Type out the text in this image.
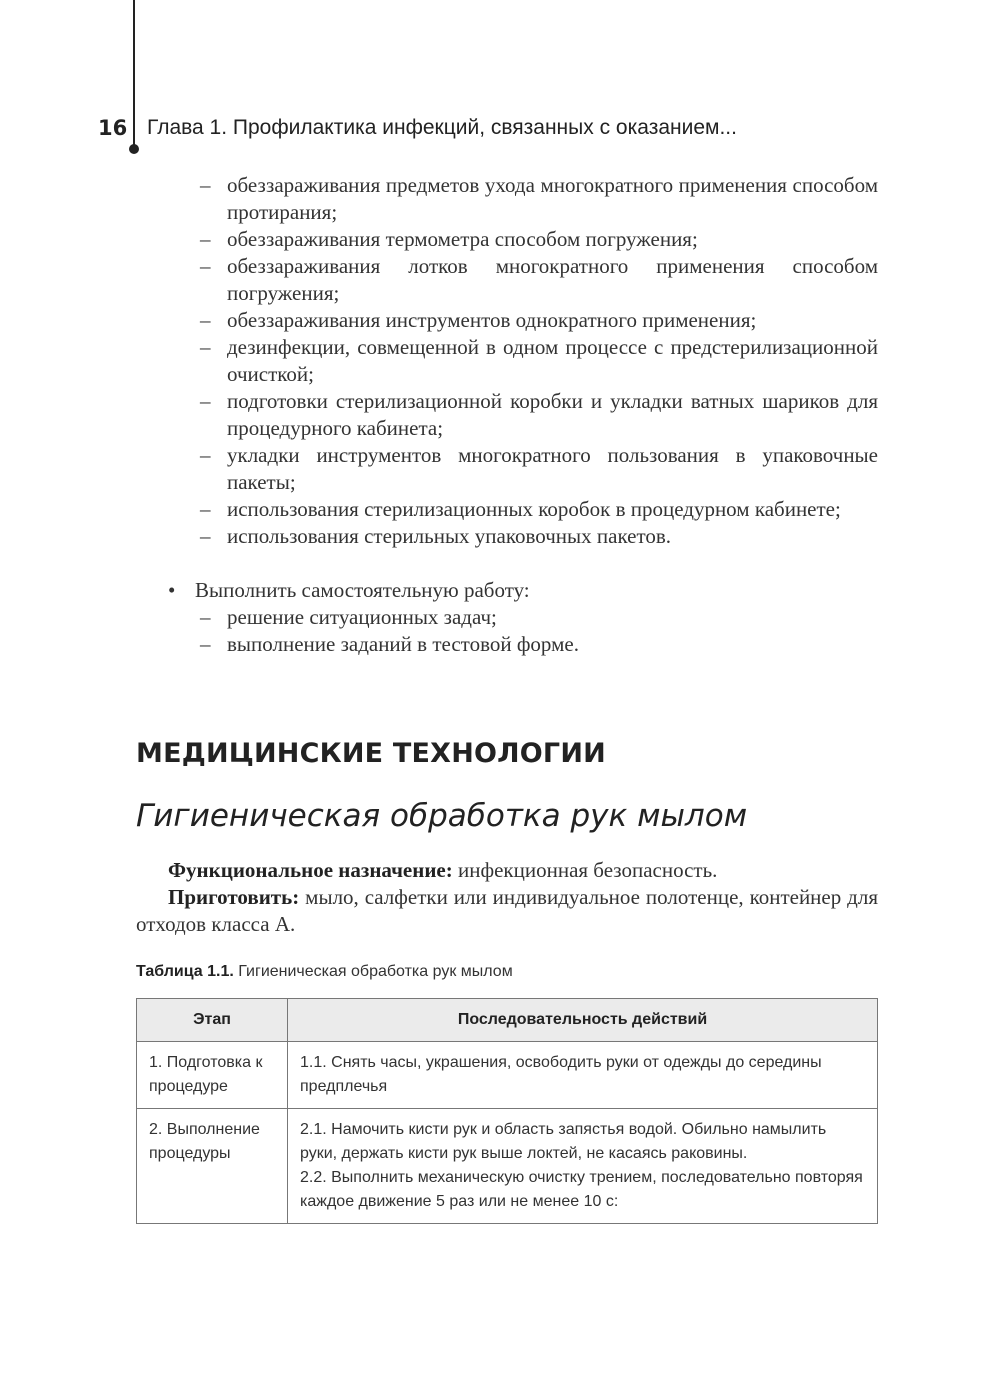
16 Глава 1. Профилактика инфекций, связанных с оказанием...
– обеззараживания предметов ухода многократного применения способом протирания;
– обеззараживания термометра способом погружения;
– обеззараживания лотков многократного применения способом погружения;
– обеззараживания инструментов однократного применения;
– дезинфекции, совмещенной в одном процессе с предстерилизационной очисткой;
– подготовки стерилизационной коробки и укладки ватных шариков для процедурного кабинета;
– укладки инструментов многократного пользования в упаковочные пакеты;
– использования стерилизационных коробок в процедурном кабинете;
– использования стерильных упаковочных пакетов.
• Выполнить самостоятельную работу:
– решение ситуационных задач;
– выполнение заданий в тестовой форме.
МЕДИЦИНСКИЕ ТЕХНОЛОГИИ
Гигиеническая обработка рук мылом
Функциональное назначение: инфекционная безопасность.
Приготовить: мыло, салфетки или индивидуальное полотенце, контейнер для отходов класса А.
Таблица 1.1. Гигиеническая обработка рук мылом
Этап	Последовательность действий
1. Подготовка к процедуре	1.1. Снять часы, украшения, освободить руки от одежды до середины предплечья

2. Выполнение процедуры	2.1. Намочить кисти рук и область запястья водой. Обильно намылить руки, держать кисти рук выше локтей, не касаясь раковины.

2.2. Выполнить механическую очистку трением, последовательно повторяя каждое движение 5 раз или не менее 10 с:
